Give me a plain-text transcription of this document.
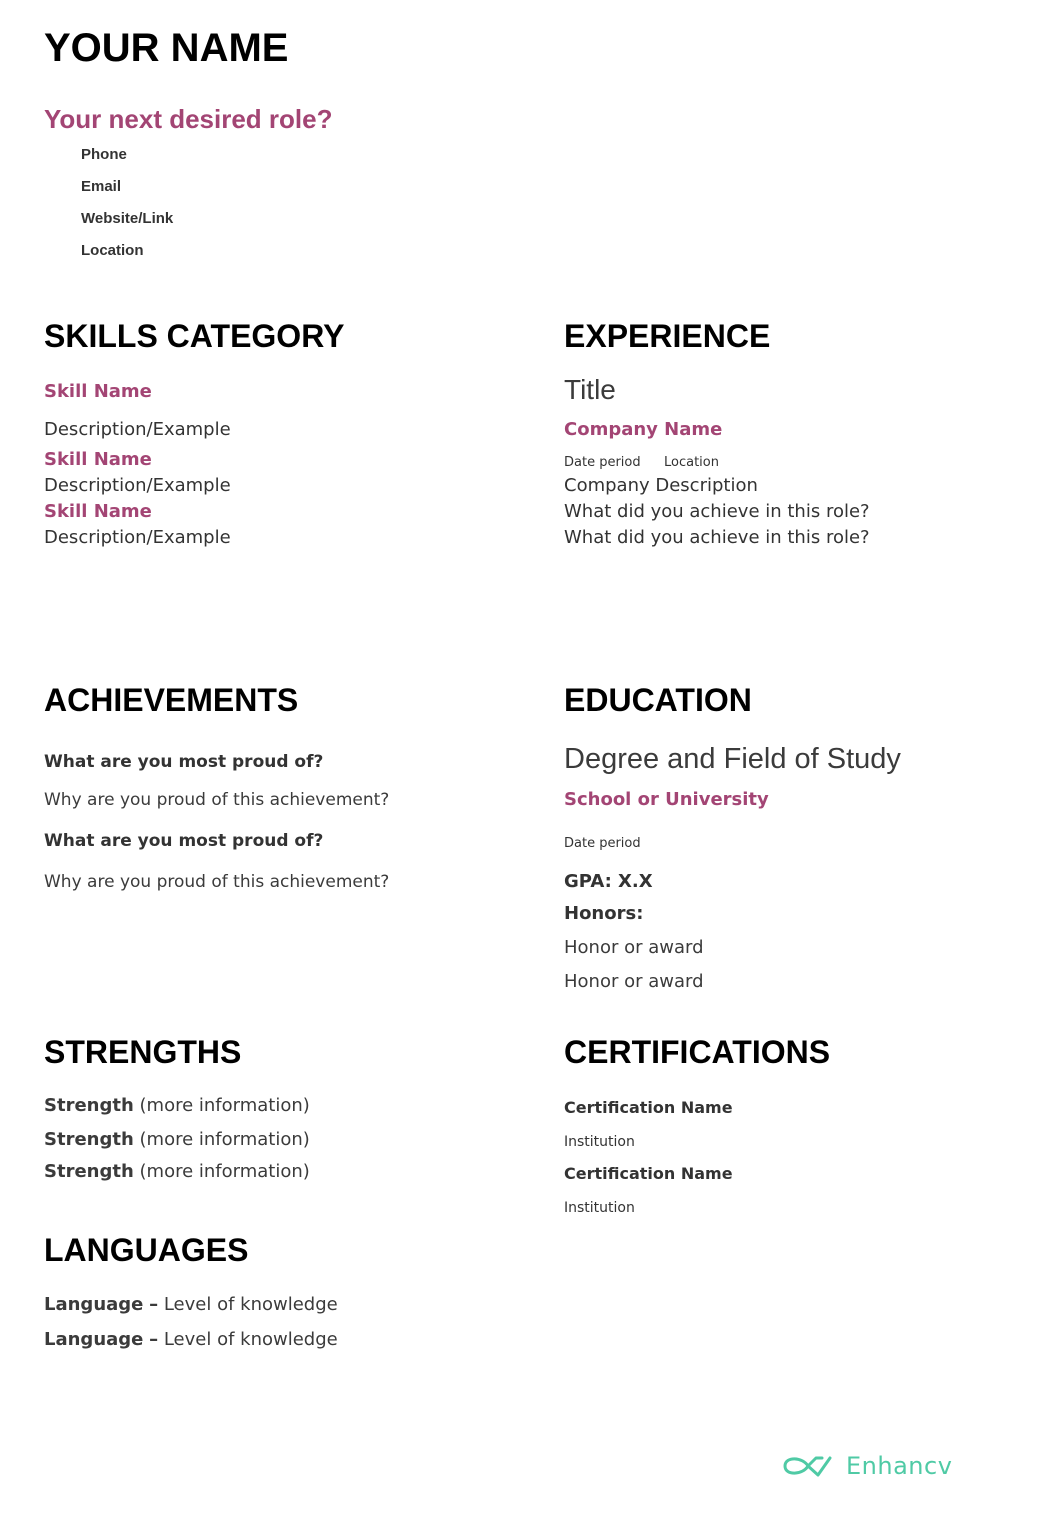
YOUR NAME
Your next desired role?
Phone
Email
Website/Link
Location
SKILLS CATEGORY
Skill Name
Description/Example
Skill Name
Description/Example
Skill Name
Description/Example
EXPERIENCE
Title
Company Name
Date period Location
Company Description
What did you achieve in this role?
What did you achieve in this role?
ACHIEVEMENTS
What are you most proud of?
Why are you proud of this achievement?
What are you most proud of?
Why are you proud of this achievement?
EDUCATION
Degree and Field of Study
School or University
Date period
GPA: X.X
Honors:
Honor or award
Honor or award
STRENGTHS
Strength (more information)
Strength (more information)
Strength (more information)
CERTIFICATIONS
Certification Name
Institution
Certification Name
Institution
LANGUAGES
Language – Level of knowledge
Language – Level of knowledge
Enhancv
